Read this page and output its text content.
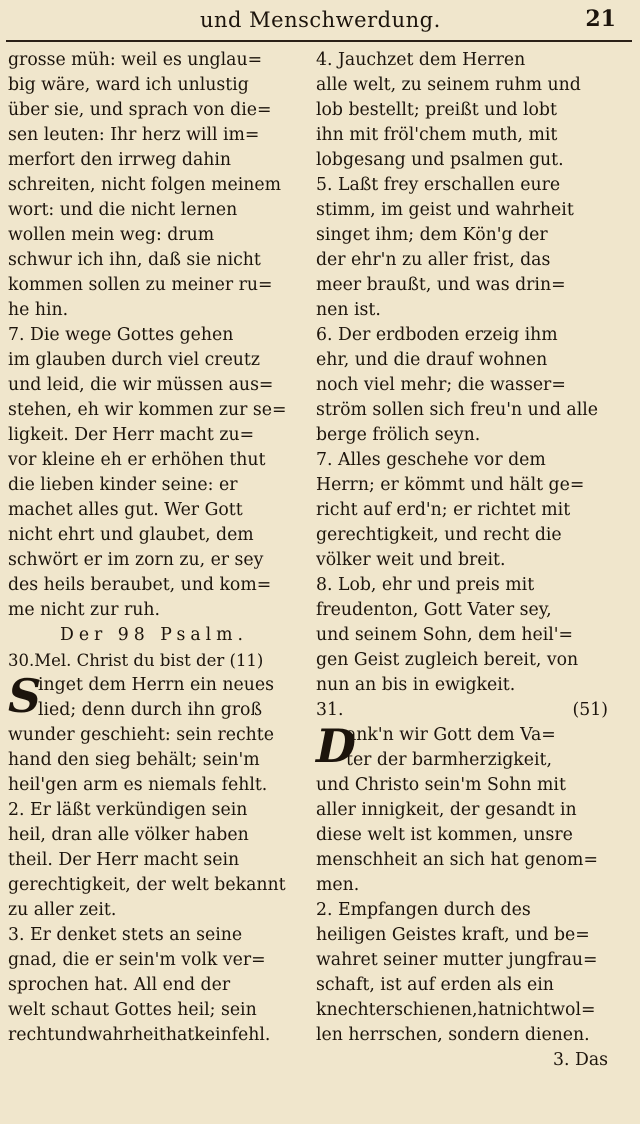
und Menschwerdung.	21
grosse müh: weil es unglau=
big wäre, ward ich unlustig
über sie, und sprach von die=
sen leuten: Ihr herz will im=
merfort den irrweg dahin
schreiten, nicht folgen meinem
wort: und die nicht lernen
wollen mein weg: drum
schwur ich ihn, daß sie nicht
kommen sollen zu meiner ru=
he hin.
7. Die wege Gottes gehen
im glauben durch viel creutz
und leid, die wir müssen aus=
stehen, eh wir kommen zur se=
ligkeit. Der Herr macht zu=
vor kleine eh er erhöhen thut
die lieben kinder seine: er
machet alles gut. Wer Gott
nicht ehrt und glaubet, dem
schwört er im zorn zu, er sey
des heils beraubet, und kom=
me nicht zur ruh.
Der 98 Psalm.
30.Mel. Christ du bist der (11)
S
inget dem Herrn ein neues
lied; denn durch ihn groß
wunder geschieht: sein rechte
hand den sieg behält; sein'm
heil'gen arm es niemals fehlt.
2. Er läßt verkündigen sein
heil, dran alle völker haben
theil. Der Herr macht sein
gerechtigkeit, der welt bekannt
zu aller zeit.
3. Er denket stets an seine
gnad, die er sein'm volk ver=
sprochen hat. All end der
welt schaut Gottes heil; sein
rechtundwahrheithatkeinfehl.
4. Jauchzet dem Herren
alle welt, zu seinem ruhm und
lob bestellt; preißt und lobt
ihn mit fröl'chem muth, mit
lobgesang und psalmen gut.
5. Laßt frey erschallen eure
stimm, im geist und wahrheit
singet ihm; dem Kön'g der
der ehr'n zu aller frist, das
meer braußt, und was drin=
nen ist.
6. Der erdboden erzeig ihm
ehr, und die drauf wohnen
noch viel mehr; die wasser=
ström sollen sich freu'n und alle
berge frölich seyn.
7. Alles geschehe vor dem
Herrn; er kömmt und hält ge=
richt auf erd'n; er richtet mit
gerechtigkeit, und recht die
völker weit und breit.
8. Lob, ehr und preis mit
freudenton, Gott Vater sey,
und seinem Sohn, dem heil'=
gen Geist zugleich bereit, von
nun an bis in ewigkeit.
31.	(51)
D
ank'n wir Gott dem Va=
ter der barmherzigkeit,
und Christo sein'm Sohn mit
aller innigkeit, der gesandt in
diese welt ist kommen, unsre
menschheit an sich hat genom=
men.
2. Empfangen durch des
heiligen Geistes kraft, und be=
wahret seiner mutter jungfrau=
schaft, ist auf erden als ein
knechterschienen,hatnichtwol=
len herrschen, sondern dienen.
3. Das
